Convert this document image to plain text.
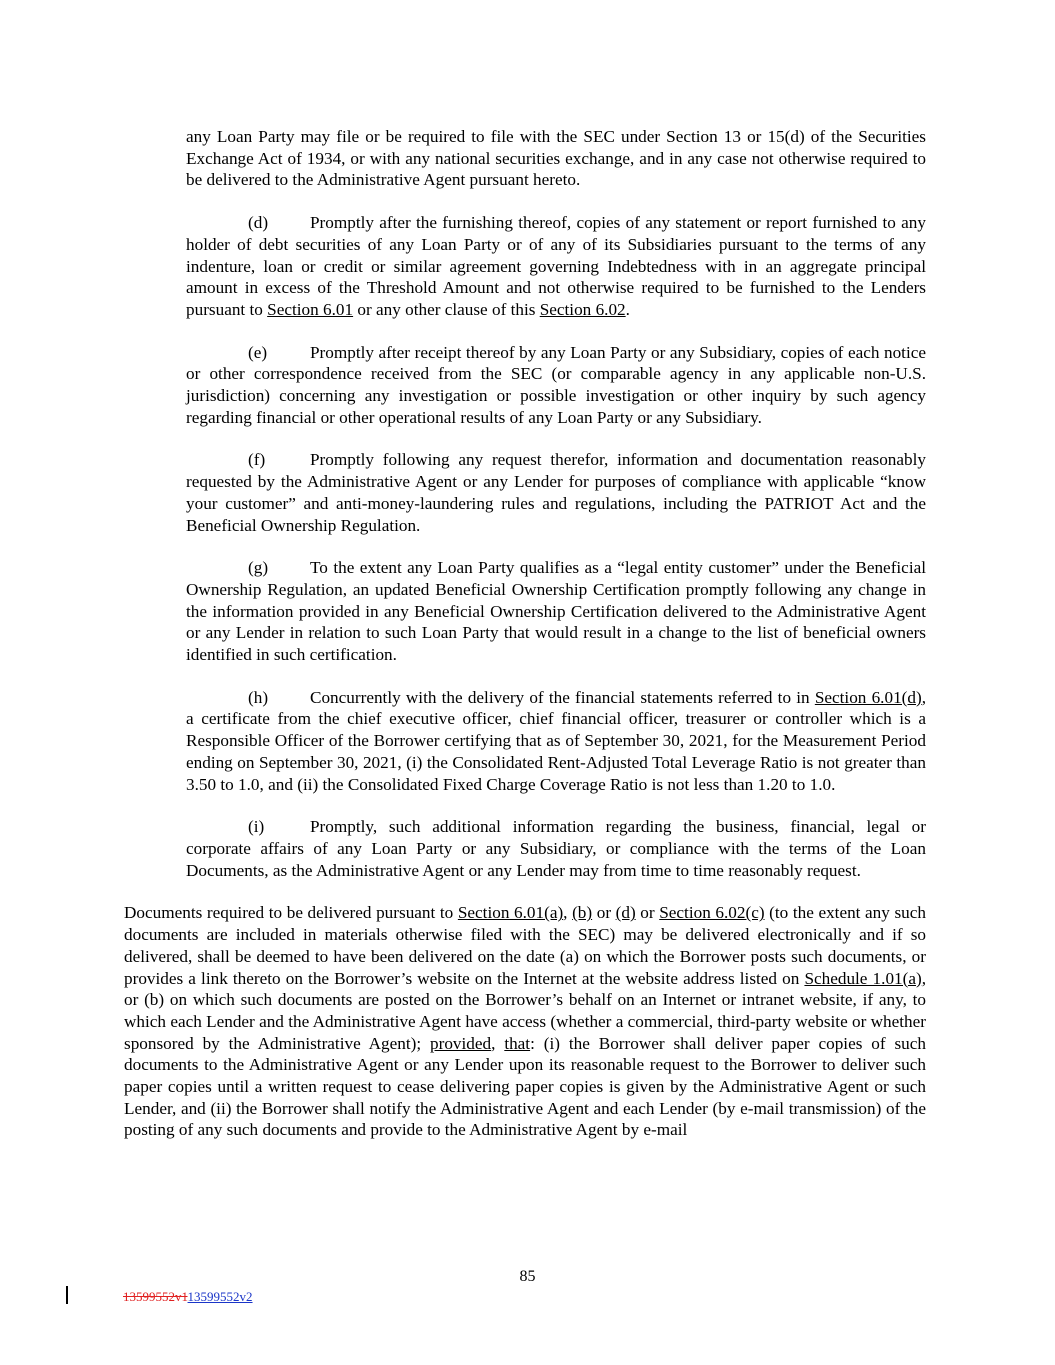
any Loan Party may file or be required to file with the SEC under Section 13 or 15(d) of the Securities Exchange Act of 1934, or with any national securities exchange, and in any case not otherwise required to be delivered to the Administrative Agent pursuant hereto.

(d) Promptly after the furnishing thereof, copies of any statement or report furnished to any holder of debt securities of any Loan Party or of any of its Subsidiaries pursuant to the terms of any indenture, loan or credit or similar agreement governing Indebtedness with in an aggregate principal amount in excess of the Threshold Amount and not otherwise required to be furnished to the Lenders pursuant to Section 6.01 or any other clause of this Section 6.02.

(e) Promptly after receipt thereof by any Loan Party or any Subsidiary, copies of each notice or other correspondence received from the SEC (or comparable agency in any applicable non-U.S. jurisdiction) concerning any investigation or possible investigation or other inquiry by such agency regarding financial or other operational results of any Loan Party or any Subsidiary.

(f)	Promptly following any request therefor, information and documentation reasonably requested by the Administrative Agent or any Lender for purposes of compliance with applicable “know your customer” and anti-money-laundering rules and regulations, including the PATRIOT Act and the Beneficial Ownership Regulation.

(g) To the extent any Loan Party qualifies as a “legal entity customer” under the Beneficial Ownership Regulation, an updated Beneficial Ownership Certification promptly following any change in the information provided in any Beneficial Ownership Certification delivered to the Administrative Agent or any Lender in relation to such Loan Party that would result in a change to the list of beneficial owners identified in such certification.

(h) Concurrently with the delivery of the financial statements referred to in Section 6.01(d), a certificate from the chief executive officer, chief financial officer, treasurer or controller which is a Responsible Officer of the Borrower certifying that as of September 30, 2021, for the Measurement Period ending on September 30, 2021, (i) the Consolidated Rent-Adjusted Total Leverage Ratio is not greater than 3.50 to 1.0, and (ii) the Consolidated Fixed Charge Coverage Ratio is not less than 1.20 to 1.0.

(i)	Promptly, such additional information regarding the business, financial, legal or corporate affairs of any Loan Party or any Subsidiary, or compliance with the terms of the Loan Documents, as the Administrative Agent or any Lender may from time to time reasonably request.

Documents required to be delivered pursuant to Section 6.01(a), (b) or (d) or Section 6.02(c) (to the extent any such documents are included in materials otherwise filed with the SEC) may be delivered electronically and if so delivered, shall be deemed to have been delivered on the date (a) on which the Borrower posts such documents, or provides a link thereto on the Borrower’s website on the Internet at the website address listed on Schedule 1.01(a), or (b) on which such documents are posted on the Borrower’s behalf on an Internet or intranet website, if any, to which each Lender and the Administrative Agent have access (whether a commercial, third-party website or whether sponsored by the Administrative Agent); provided, that: (i) the Borrower shall deliver paper copies of such documents to the Administrative Agent or any Lender upon its reasonable request to the Borrower to deliver such paper copies until a written request to cease delivering paper copies is given by the Administrative Agent or such Lender, and (ii) the Borrower shall notify the Administrative Agent and each Lender (by e-mail transmission) of the posting of any such documents and provide to the Administrative Agent by e-mail

85
13599552v113599552v2
